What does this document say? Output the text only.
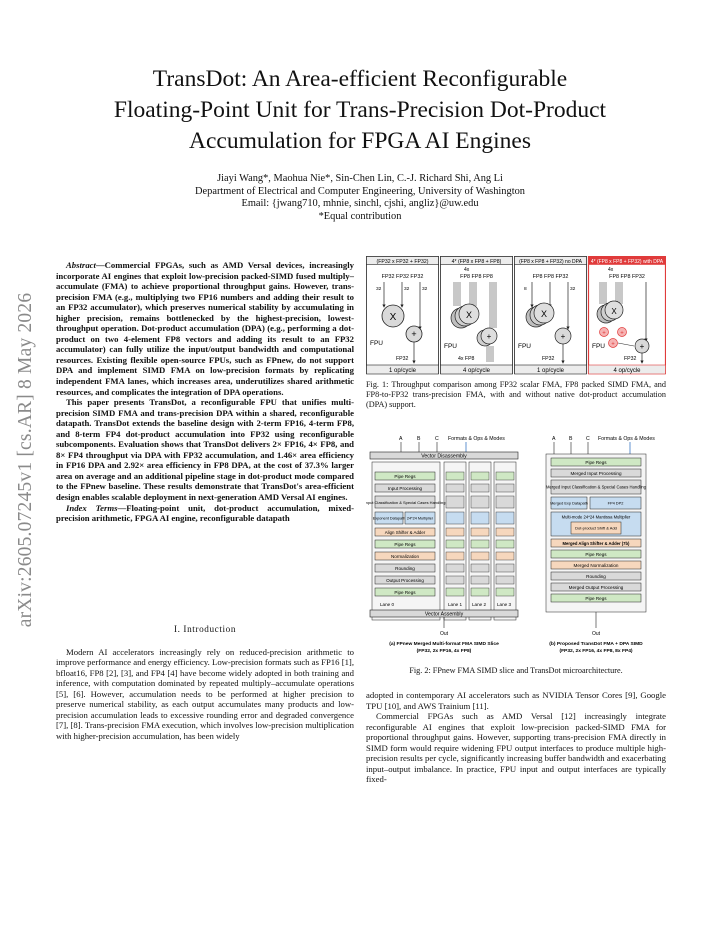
arXiv:2605.07245v1 [cs.AR] 8 May 2026
TransDot: An Area-efficient Reconfigurable
Floating-Point Unit for Trans-Precision Dot-Product
Accumulation for FPGA AI Engines
Jiayi Wang*, Maohua Nie*, Sin-Chen Lin, C.-J. Richard Shi, Ang Li
Department of Electrical and Computer Engineering, University of Washington
Email: {jwang710, mhnie, sinchl, cjshi, angliz}@uw.edu
*Equal contribution

Abstract—Commercial FPGAs, such as AMD Versal devices, increasingly incorporate AI engines that exploit low-precision packed-SIMD fused multiply–accumulate (FMA) to achieve proportional throughput gains. However, trans-precision FMA (e.g., multiplying two FP16 numbers and adding their result to an FP32 accumulator), which preserves numerical stability by accumulating in higher precision, remains bottlenecked by the highest-precision, lowest-throughput operation. Dot-product accumulation (DPA) (e.g., performing a dot-product on two 4-element FP8 vectors and adding its result to an FP32 accumulator) can fully utilize the input/output bandwidth and computational resources. Existing flexible open-source FPUs, such as FPnew, do not support DPA and implement SIMD FMA on low-precision formats by replicating independent FMA lanes, which increases area, underutilizes shared arithmetic resources, and complicates the integration of DPA operations.

This paper presents TransDot, a reconfigurable FPU that unifies multi-precision SIMD FMA and trans-precision DPA within a shared, reconfigurable datapath. TransDot extends the baseline design with 2-term FP16, 4-term FP8, and 8-term FP4 dot-product accumulation into FP32 using reconfigurable subcomponents. Evaluation shows that TransDot delivers 2× FP16, 4× FP8, and 8× FP4 throughput via DPA with FP32 accumulation, and 1.46× area efficiency in FP16 DPA and 2.92× area efficiency in FP8 DPA, at the cost of 37.3% larger area on average and an additional pipeline stage in dot-product mode compared to the FPnew baseline. These results demonstrate that TransDot's area-efficient design enables scalable deployment in next-generation AMD Versal AI engines.

Index Terms—Floating-point unit, dot-product accumulation, mixed-precision arithmetic, FPGA AI engine, reconfigurable datapath

I. Introduction

Modern AI accelerators increasingly rely on reduced-precision arithmetic to improve performance and energy efficiency. Low-precision formats such as FP16 [1], bfloat16, FP8 [2], [3], and FP4 [4] have become widely adopted in both training and inference, with computation dominated by repeated multiply–accumulate operations [5], [6]. However, accumulation needs to be performed at higher precision to preserve numerical stability, as each output accumulates many products and low-precision accumulation leads to excessive rounding error and degraded convergence [7], [8]. Trans-precision FMA execution, which involves low-precision multiplication with higher-precision accumulation, has been widely

(FP32 x FP32 + FP32)
FP32 FP32 FP32
32	32	32
X
+
FPU
FP32
1 op/cycle
4* (FP8 x FP8 + FP8)
4x
FP8 FP8 FP8
X
+
FPU
4x FP8
4 op/cycle
(FP8 x FP8 + FP32) no DPA
FP8 FP8 FP32
8	32
X
+
FPU
FP32
1 op/cycle
4* (FP8 x FP8 + FP32) with DPA
4x
FP8 FP8 FP32
X
+ +
+	+
FPU
FP32
4 op/cycle
Fig. 1: Throughput comparison among FP32 scalar FMA, FP8 packed SIMD FMA, and FP8-to-FP32 trans-precision FMA, with and without native dot-product accumulation (DPA) support.
A	B	C Formats & Ops & Modes
Vector Disassembly
Pipe Regs
Input Processing
Input Classification & Special Cases Handling
Exponent Datapath 24*24 Multiplier
Align Shifter & Adder
Pipe Regs
Normalization
Rounding
Output Processing
Pipe Regs
Lane 0	Lane 1 Lane 2 Lane 3
Vector Assembly
Out
(a) FPnew Merged Multi-format FMA SIMD Slice
(FP32, 2x FP16, 4x FP8)
A	B	C Formats & Ops & Modes
Pipe Regs
Merged Input Processing
Merged Input Classification & Special Cases Handling
Merged Exp Datapath	FP4 DP2
Multi-mode 24*24 Mantissa Multiplier
Dot-product Shift & Add
Merged Align Shifter & Adder (7b)
Pipe Regs
Merged Normalization
Rounding
Merged Output Processing
Pipe Regs
Out
(b) Proposed TransDot FMA + DPA SIMD
(FP32, 2x FP16, 4x FP8, 8x FP4)
Fig. 2: FPnew FMA SIMD slice and TransDot microarchitecture.

adopted in contemporary AI accelerators such as NVIDIA Tensor Cores [9], Google TPU [10], and AWS Trainium [11].

Commercial FPGAs such as AMD Versal [12] increasingly integrate reconfigurable AI engines that exploit low-precision packed-SIMD FMA for proportional throughput gains. However, supporting trans-precision FMA directly in SIMD form would require widening FPU output interfaces to produce multiple high-precision results per cycle, significantly increasing buffer bandwidth and exacerbating input–output imbalance. In practice, FPU input and output interfaces are typically fixed-
